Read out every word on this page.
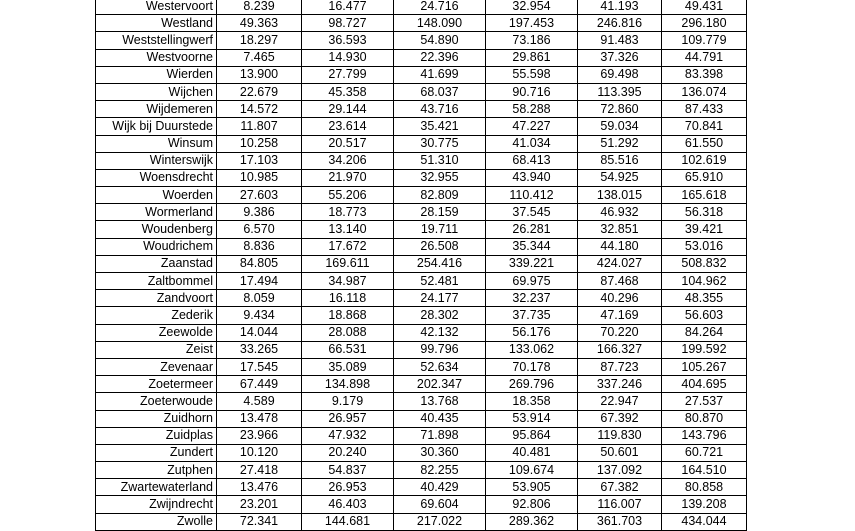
Westervoort	8.239	16.477	24.716	32.954	41.193	49.431
Westland	49.363	98.727	148.090	197.453	246.816	296.180
Weststellingwerf	18.297	36.593	54.890	73.186	91.483	109.779
Westvoorne	7.465	14.930	22.396	29.861	37.326	44.791
Wierden	13.900	27.799	41.699	55.598	69.498	83.398
Wijchen	22.679	45.358	68.037	90.716	113.395	136.074
Wijdemeren	14.572	29.144	43.716	58.288	72.860	87.433
Wijk bij Duurstede	11.807	23.614	35.421	47.227	59.034	70.841
Winsum	10.258	20.517	30.775	41.034	51.292	61.550
Winterswijk	17.103	34.206	51.310	68.413	85.516	102.619
Woensdrecht	10.985	21.970	32.955	43.940	54.925	65.910
Woerden	27.603	55.206	82.809	110.412	138.015	165.618
Wormerland	9.386	18.773	28.159	37.545	46.932	56.318
Woudenberg	6.570	13.140	19.711	26.281	32.851	39.421
Woudrichem	8.836	17.672	26.508	35.344	44.180	53.016
Zaanstad	84.805	169.611	254.416	339.221	424.027	508.832
Zaltbommel	17.494	34.987	52.481	69.975	87.468	104.962
Zandvoort	8.059	16.118	24.177	32.237	40.296	48.355
Zederik	9.434	18.868	28.302	37.735	47.169	56.603
Zeewolde	14.044	28.088	42.132	56.176	70.220	84.264
Zeist	33.265	66.531	99.796	133.062	166.327	199.592
Zevenaar	17.545	35.089	52.634	70.178	87.723	105.267
Zoetermeer	67.449	134.898	202.347	269.796	337.246	404.695
Zoeterwoude	4.589	9.179	13.768	18.358	22.947	27.537
Zuidhorn	13.478	26.957	40.435	53.914	67.392	80.870
Zuidplas	23.966	47.932	71.898	95.864	119.830	143.796
Zundert	10.120	20.240	30.360	40.481	50.601	60.721
Zutphen	27.418	54.837	82.255	109.674	137.092	164.510
Zwartewaterland	13.476	26.953	40.429	53.905	67.382	80.858
Zwijndrecht	23.201	46.403	69.604	92.806	116.007	139.208
Zwolle	72.341	144.681	217.022	289.362	361.703	434.044
